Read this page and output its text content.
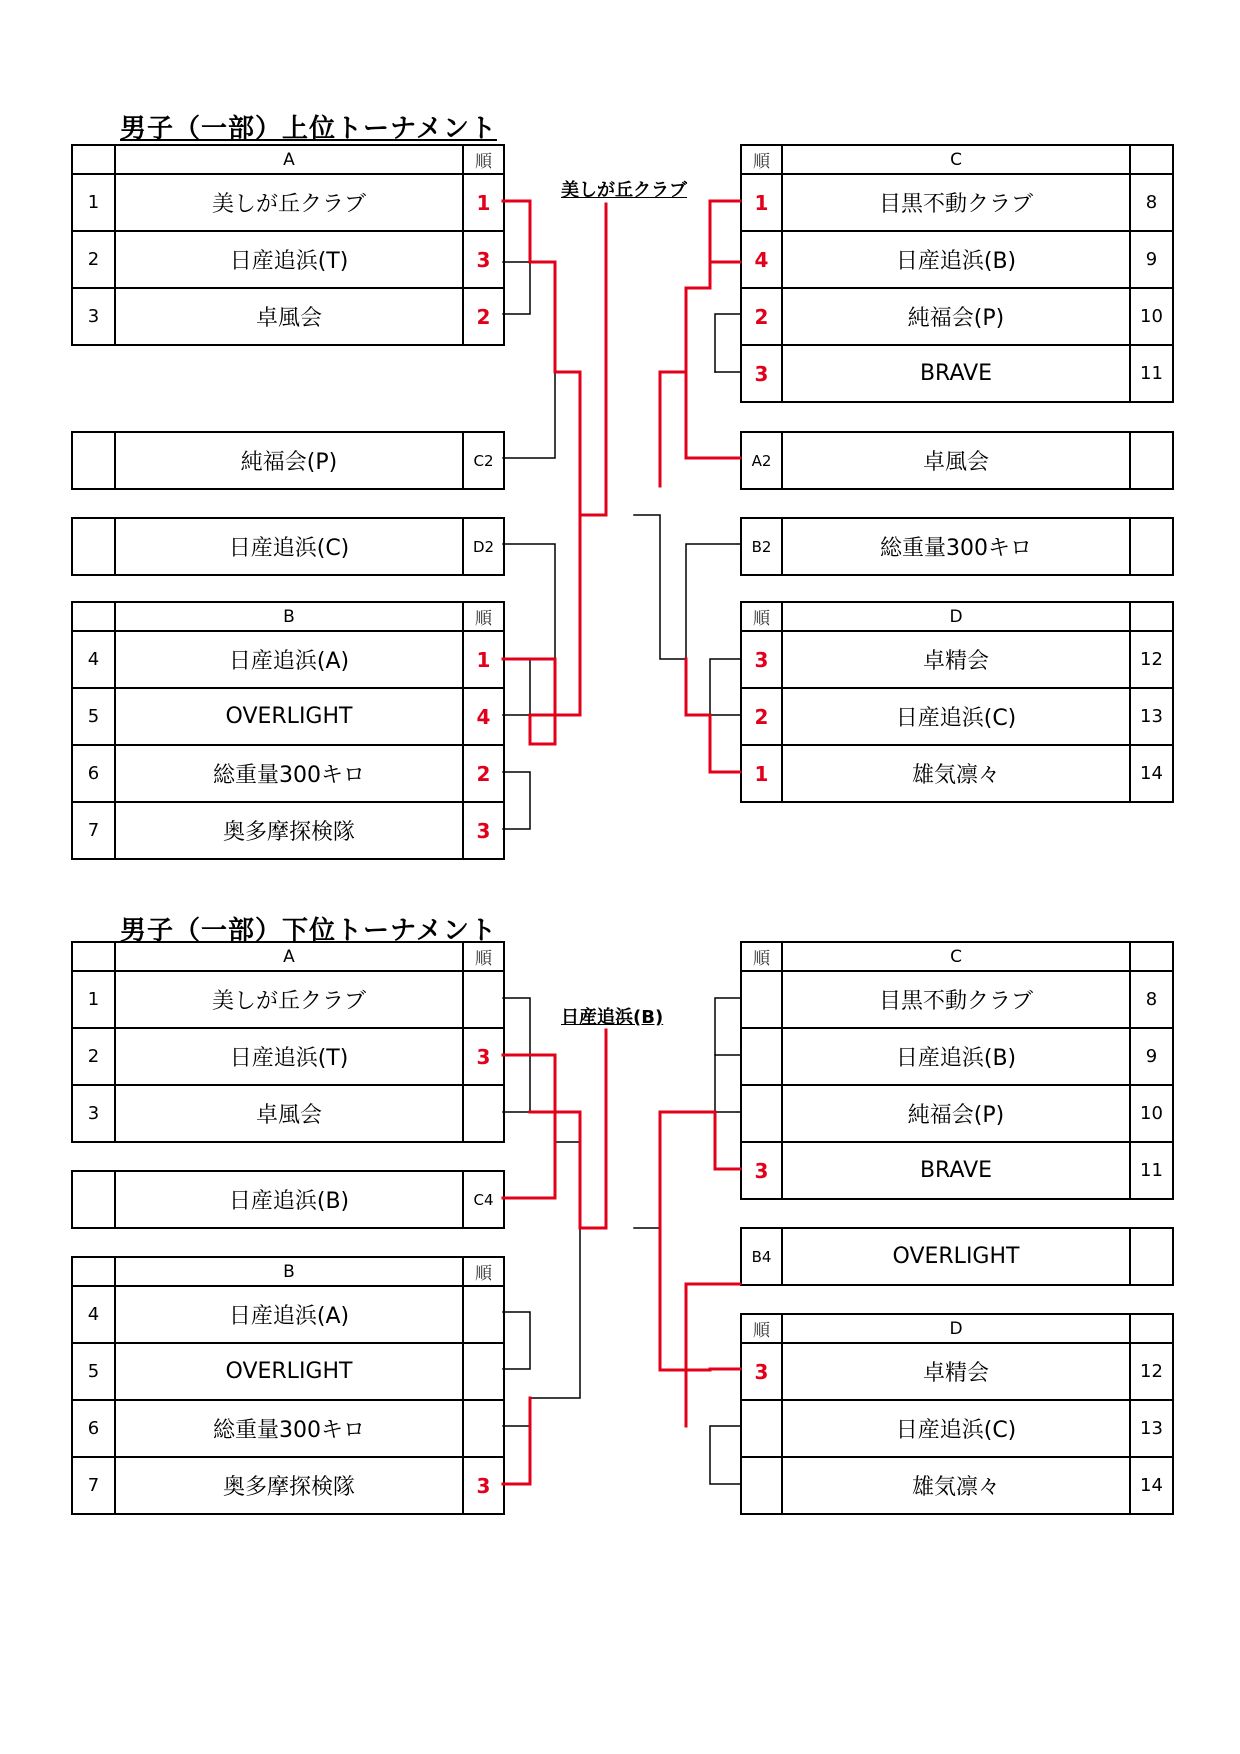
男子（一部）上位トーナメント
	A	順
1	美しが丘クラブ	1
2	日産追浜(T)	3
3	卓風会	2
	純福会(P)	C2
	日産追浜(C)	D2
	B	順
4	日産追浜(A)	1
5	OVERLIGHT	4
6	総重量300キロ	2
7	奥多摩探検隊	3
順	C	
1	目黒不動クラブ	8
4	日産追浜(B)	9
2	純福会(P)	10
3	BRAVE	11
A2	卓風会	
B2	総重量300キロ	
順	D	
3	卓精会	12
2	日産追浜(C)	13
1	雄気凛々	14
美しが丘クラブ
男子（一部）下位トーナメント
	A	順
1	美しが丘クラブ	
2	日産追浜(T)	3
3	卓風会	
	日産追浜(B)	C4
	B	順
4	日産追浜(A)	
5	OVERLIGHT	
6	総重量300キロ	
7	奥多摩探検隊	3
順	C	
	目黒不動クラブ	8
	日産追浜(B)	9
	純福会(P)	10
3	BRAVE	11
B4	OVERLIGHT	
順	D	
3	卓精会	12
	日産追浜(C)	13
	雄気凛々	14
日産追浜(B)
